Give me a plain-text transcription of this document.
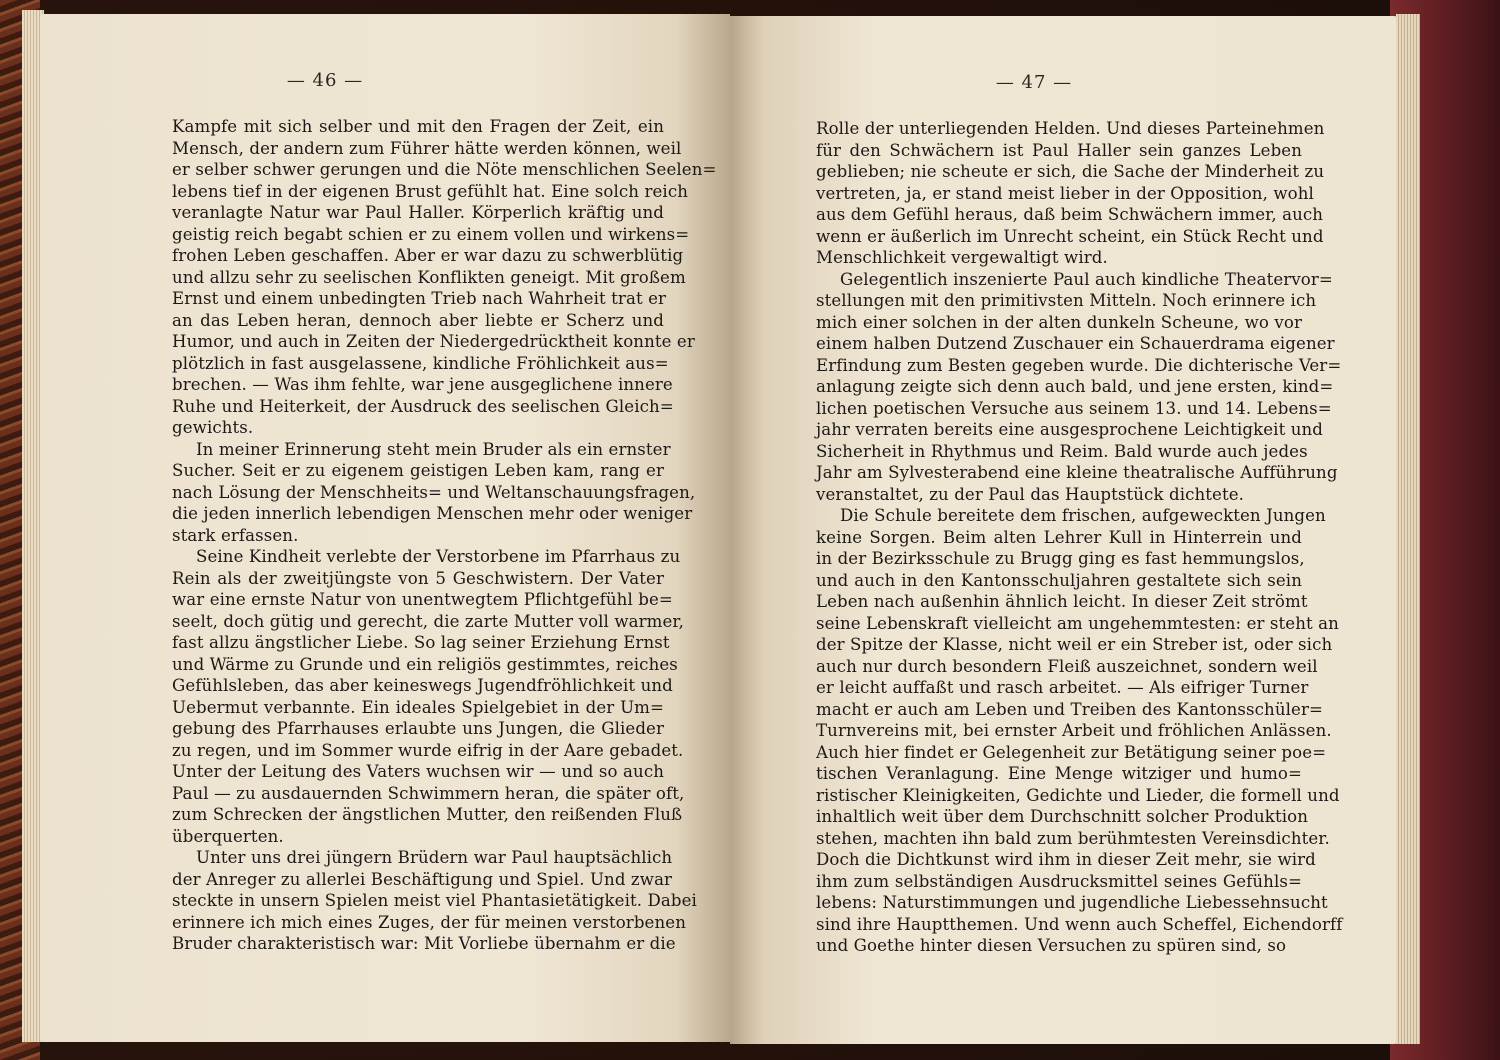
— 46 —
Kampfe mit sich selber und mit den Fragen der Zeit, ein
Mensch, der andern zum Führer hätte werden können, weil
er selber schwer gerungen und die Nöte menschlichen Seelen=
lebens tief in der eigenen Brust gefühlt hat. Eine solch reich
veranlagte Natur war Paul Haller. Körperlich kräftig und
geistig reich begabt schien er zu einem vollen und wirkens=
frohen Leben geschaffen. Aber er war dazu zu schwerblütig
und allzu sehr zu seelischen Konflikten geneigt. Mit großem
Ernst und einem unbedingten Trieb nach Wahrheit trat er
an das Leben heran, dennoch aber liebte er Scherz und
Humor, und auch in Zeiten der Niedergedrücktheit konnte er
plötzlich in fast ausgelassene, kindliche Fröhlichkeit aus=
brechen. — Was ihm fehlte, war jene ausgeglichene innere
Ruhe und Heiterkeit, der Ausdruck des seelischen Gleich=
gewichts.
In meiner Erinnerung steht mein Bruder als ein ernster
Sucher. Seit er zu eigenem geistigen Leben kam, rang er
nach Lösung der Menschheits= und Weltanschauungsfragen,
die jeden innerlich lebendigen Menschen mehr oder weniger
stark erfassen.
Seine Kindheit verlebte der Verstorbene im Pfarrhaus zu
Rein als der zweitjüngste von 5 Geschwistern. Der Vater
war eine ernste Natur von unentwegtem Pflichtgefühl be=
seelt, doch gütig und gerecht, die zarte Mutter voll warmer,
fast allzu ängstlicher Liebe. So lag seiner Erziehung Ernst
und Wärme zu Grunde und ein religiös gestimmtes, reiches
Gefühlsleben, das aber keineswegs Jugendfröhlichkeit und
Uebermut verbannte. Ein ideales Spielgebiet in der Um=
gebung des Pfarrhauses erlaubte uns Jungen, die Glieder
zu regen, und im Sommer wurde eifrig in der Aare gebadet.
Unter der Leitung des Vaters wuchsen wir — und so auch
Paul — zu ausdauernden Schwimmern heran, die später oft,
zum Schrecken der ängstlichen Mutter, den reißenden Fluß
überquerten.
Unter uns drei jüngern Brüdern war Paul hauptsächlich
der Anreger zu allerlei Beschäftigung und Spiel. Und zwar
steckte in unsern Spielen meist viel Phantasietätigkeit. Dabei
erinnere ich mich eines Zuges, der für meinen verstorbenen
Bruder charakteristisch war: Mit Vorliebe übernahm er die
— 47 —
Rolle der unterliegenden Helden. Und dieses Parteinehmen
für den Schwächern ist Paul Haller sein ganzes Leben
geblieben; nie scheute er sich, die Sache der Minderheit zu
vertreten, ja, er stand meist lieber in der Opposition, wohl
aus dem Gefühl heraus, daß beim Schwächern immer, auch
wenn er äußerlich im Unrecht scheint, ein Stück Recht und
Menschlichkeit vergewaltigt wird.
Gelegentlich inszenierte Paul auch kindliche Theatervor=
stellungen mit den primitivsten Mitteln. Noch erinnere ich
mich einer solchen in der alten dunkeln Scheune, wo vor
einem halben Dutzend Zuschauer ein Schauerdrama eigener
Erfindung zum Besten gegeben wurde. Die dichterische Ver=
anlagung zeigte sich denn auch bald, und jene ersten, kind=
lichen poetischen Versuche aus seinem 13. und 14. Lebens=
jahr verraten bereits eine ausgesprochene Leichtigkeit und
Sicherheit in Rhythmus und Reim. Bald wurde auch jedes
Jahr am Sylvesterabend eine kleine theatralische Aufführung
veranstaltet, zu der Paul das Hauptstück dichtete.
Die Schule bereitete dem frischen, aufgeweckten Jungen
keine Sorgen. Beim alten Lehrer Kull in Hinterrein und
in der Bezirksschule zu Brugg ging es fast hemmungslos,
und auch in den Kantonsschuljahren gestaltete sich sein
Leben nach außenhin ähnlich leicht. In dieser Zeit strömt
seine Lebenskraft vielleicht am ungehemmtesten: er steht an
der Spitze der Klasse, nicht weil er ein Streber ist, oder sich
auch nur durch besondern Fleiß auszeichnet, sondern weil
er leicht auffaßt und rasch arbeitet. — Als eifriger Turner
macht er auch am Leben und Treiben des Kantonsschüler=
Turnvereins mit, bei ernster Arbeit und fröhlichen Anlässen.
Auch hier findet er Gelegenheit zur Betätigung seiner poe=
tischen Veranlagung. Eine Menge witziger und humo=
ristischer Kleinigkeiten, Gedichte und Lieder, die formell und
inhaltlich weit über dem Durchschnitt solcher Produktion
stehen, machten ihn bald zum berühmtesten Vereinsdichter.
Doch die Dichtkunst wird ihm in dieser Zeit mehr, sie wird
ihm zum selbständigen Ausdrucksmittel seines Gefühls=
lebens: Naturstimmungen und jugendliche Liebessehnsucht
sind ihre Hauptthemen. Und wenn auch Scheffel, Eichendorff
und Goethe hinter diesen Versuchen zu spüren sind, so
